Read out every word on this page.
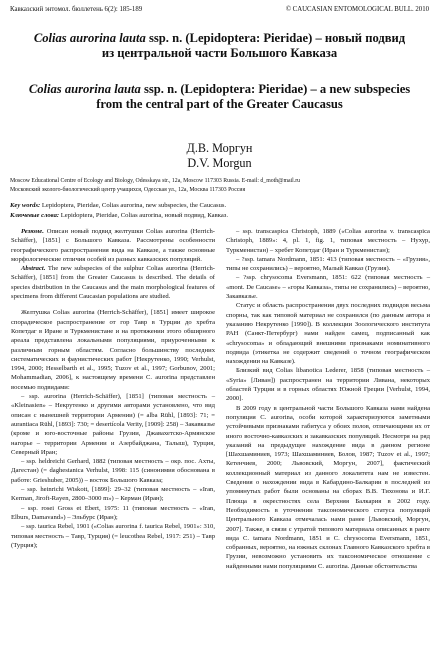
Кавказский энтомол. бюллетень 6(2): 185-189	© CAUCASIAN ENTOMOLOGICAL BULL. 2010
Colias aurorina lauta ssp. n. (Lepidoptera: Pieridae) – новый подвид
из центральной части Большого Кавказа
Colias aurorina lauta ssp. n. (Lepidoptera: Pieridae) – a new subspecies
from the central part of the Greater Caucasus
Д.В. Моргун
D.V. Morgun
Moscow Educational Centre of Ecology and Biology, Odesskaya str., 12a, Moscow 117303 Russia. E-mail: d_moth@mail.ru
Московский эколого-биологический центр учащихся, Одесская ул., 12а, Москва 117303 Россия
Key words: Lepidoptera, Pieridae, Colias aurorina, new subspecies, the Caucasus.
Ключевые слова: Lepidoptera, Pieridae, Colias aurorina, новый подвид, Кавказ.

Резюме. Описан новый подвид желтушки Colias aurorina (Herrich-Schäffer), [1851] с Большого Кавказа. Рассмотрены особенности географического распространения вида на Кавказе, а также основные морфологические отличия особей из разных кавказских популяций.

Abstract. The new subspecies of the sulphur Colias aurorina (Herrich-Schäffer), [1851] from the Greater Caucasus is described. The details of species distribution in the Caucasus and the main morphological features of specimens from different Caucasian populations are studied.

Желтушка Colias aurorina (Herrich-Schäffer), [1851] имеет широкое спорадическое распространение от гор Тавр в Турции до хребта Копетдаг в Иране и Туркменистане и на протяжении этого обширного ареала представлена локальными популяциями, приуроченными к различным горным областям. Согласно большинству последних систематических и фаунистических работ [Некрутенко, 1990; Verhulst, 1994, 2000; Hesselbarth et al., 1995; Tuzov et al., 1997; Gorbunov, 2001; Mohammadian, 2006], к настоящему времени C. aurorina представлен восемью подвидами:

– ssp. aurorina (Herrich-Schäffer), [1851] (типовая местность – «Kleinasien» – Некрутенко и другими авторами установлено, что вид описан с нынешней территории Армении) (= alba Rühl, [1893]: 71; = aurantiaca Rühl, [1893]: 730; = desertícola Verity, [1909]: 258) – Закавказье (кроме и юго-восточные районы Грузии, Джавахетско-Армянское нагорье – территории Армении и Азербайджана, Талыш), Турция, Северный Иран;

– ssp. heldreichi Gerhard, 1882 (типовая местность – окр. пос. Ахты, Дагестан) (= daghestanica Verhulst, 1998: 115 (синонимия обоснована в работе: Grieshuber, 2005)) – восток Большого Кавказа;

– ssp. heinrichi Wiskott, [1899]: 29–32 (типовая местность – «Iran, Kerman, Jiroft-Rayen, 2800–3000 m») – Керман (Иран);

– ssp. rosei Gross et Ebert, 1975: 11 (типовая местность – «Iran, Elburs, Damavand») – Эльбурс (Иран);

– ssp. taurica Rebel, 1901 («Colias aurorina f. taurica Rebel, 1901»: 310, типовая местность – Тавр, Турция) (= leucothea Rebel, 1917: 251) – Тавр (Турция);

– ssp. transcaspica Christoph, 1889 («Colias aurorina v. transcaspica Christoph, 1889»: 4, pl. 1, fig. 1, типовая местность – Нухур, Туркменистан) – хребет Копетдаг (Иран и Туркменистан);

– ?ssp. tamara Nordmann, 1851: 413 (типовая местность – «Грузия», типы не сохранились) – вероятно, Малый Кавказ (Грузия).

– ?ssp. chrysocoma Eversmann, 1851: 622 (типовая местность – «mont. De Caucase» – «горы Кавказа», типы не сохранились) – вероятно, Закавказье.

Статус и область распространения двух последних подвидов весьма спорны, так как типовой материал не сохранился (по данным автора и указанию Некрутенко [1990]). В коллекции Зоологического института РАН (Санкт-Петербург) нами найден самец, подписанный как «chrysocoma» и обладающий внешними признаками номинативного подвида (этикетка не содержит сведений о точном географическом нахождении на Кавказе).

Близкий вид Colias libanotica Lederer, 1858 (типовая местность – «Syria» [Ливан]) распространен на территории Ливана, некоторых областей Турции и в горных областях Южной Греции [Verhulst, 1994, 2000].

В 2009 году в центральной части Большого Кавказа нами найдена популяция C. aurorina, особи которой характеризуются заметными устойчивыми признаками габитуса у обоих полов, отличающими их от иного восточно-кавказских и закавказских популяций. Несмотря на ряд указаний на предыдущее нахождение вида в данном регионе [Шахшаминиев, 1973; Шахшаминиев, Болов, 1987; Tuzov et al., 1997; Кетенчиев, 2000; Львовский, Моргун, 2007], фактический коллекционный материал из данного локалитета нам не известен. Сведения о нахождении вида в Кабардино-Балкарии в последней из упомянутых работ были основаны на сборах В.В. Тихонова и И.Г. Плюща в окрестностях села Верхняя Балкария в 2002 году. Необходимость в уточнении таксономического статуса популяций Центрального Кавказа отмечалась нами ранее [Львовский, Моргун, 2007]. Также, в связи с утратой типового материала описанных в ранге вида C. tamara Nordmann, 1851 и C. chrysocoma Eversmann, 1851, собранных, вероятно, на южных склонах Главного Кавказского хребта в Грузии, невозможно установить их таксономическое отношение с найденными нами популяциями C. aurorina. Данные обстоятельства
